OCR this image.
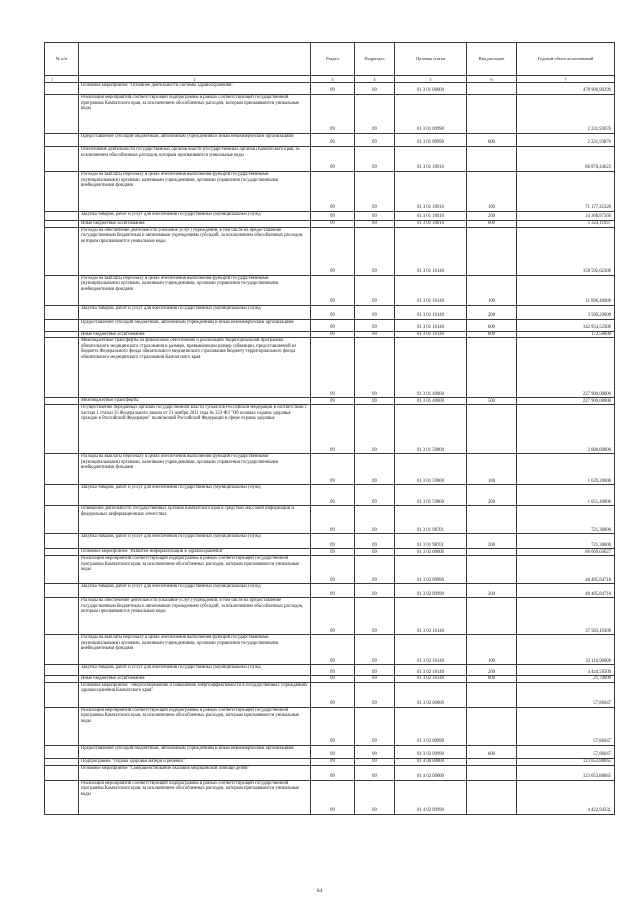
№ п/п		Раздел	Подраздел	Целевая статья	Вид расходов	Годовой объем ассигнований
1	2	3	4	5	6	7
	Основное мероприятие "Основное деятельности системы здравоохранения"	09	09	01 3 01 00000		478 906,90299
	Реализация мероприятий соответствующей подпрограммы в рамках соответствующей государственной программы Камчатского края, за исключением обособленных расходов, которым присваиваются уникальные коды	09	09	01 3 01 09990		2 231,93876
	Предоставление субсидий бюджетным, автономным учреждениям и иным некоммерческим организациям	09	09	01 3 01 09990	600	2 231,93876
	Обеспечение деятельности государственных органов власти (государственных органов) Камчатского края, за исключением обособленных расходов, которым присваиваются уникальные коды	09	09	01 3 01 10010		86 870,44623
	Расходы на выплаты персоналу в целях обеспечения выполнения функций государственными (муниципальными) органами, казенными учреждениями, органами управления государственными внебюджетными фондами	09	09	01 3 01 10010	100	71 177,45320
	Закупка товаров, работ и услуг для обеспечения государственных (муниципальных) нужд	09	09	01 3 01 10010	200	14 368,87366
	Иные бюджетные ассигнования	09	09	01 3 01 10010	800	1 324,11937
	Расходы на обеспечение деятельности (оказание услуг) учреждений, в том числе на предоставление государственным бюджетным и автономным учреждениям субсидий, за исключением обособленных расходов, которым присваиваются уникальные коды	09	09	01 3 01 10140		158 592,62300
	Расходы на выплаты персоналу в целях обеспечения выполнения функций государственными (муниципальными) органами, казенными учреждениями, органами управления государственными внебюджетными фондами	09	09	01 3 01 10140	100	11 896,40000
	Закупка товаров, работ и услуг для обеспечения государственных (муниципальных) нужд	09	09	01 3 01 10140	200	3 569,20000
	Предоставление субсидий бюджетным, автономным учреждениям и иным некоммерческим организациям	09	09	01 3 01 10140	600	142 954,52300
	Иные бюджетные ассигнования	09	09	01 3 01 10140	800	172,50000
	Межбюджетные трансферты на финансовое обеспечение и реализацию территориальной программы обязательного медицинского страхования в размере, превышающем размер субвенции, предоставляемой из бюджета Федерального фонда обязательного медицинского страхования бюджету территориального фонда обязательного медицинского страхования Камчатского края	09	09	01 3 01 40600		227 900,00000
	Межбюджетные трансферты	09	09	01 3 01 40600	500	227 900,00000
	Осуществление переданных органам государственной власти субъектов Российской Федерации в соответствии с частью 1 статьи 15 Федерального закона от 21 ноября 2011 года № 323-ФЗ "Об основах охраны здоровья граждан в Российской Федерации" полномочий Российской Федерации в сфере охраны здоровья	09	09	01 3 01 59800		2 680,60000
	Расходы на выплаты персоналу в целях обеспечения выполнения функций государственными (муниципальными) органами, казенными учреждениями, органами управления государственными внебюджетными фондами	09	09	01 3 01 59800	100	1 629,20000
	Закупка товаров, работ и услуг для обеспечения государственных (муниципальных) нужд	09	09	01 3 01 59800	200	1 051,40000
	Освещение деятельности государственных органов Камчатского края в средствах массовой информации и федеральных информационных агентствах	09	09	01 3 01 98701		721,30000
	Закупка товаров, работ и услуг для обеспечения государственных (муниципальных) нужд	09	09	01 3 01 98701	200	721,30000
	Основное мероприятие "Развитие информатизации в здравоохранении"	09	09	01 3 02 00000		86 069,04027
	Реализация мероприятий соответствующей подпрограммы в рамках соответствующей государственной программы Камчатского края, за исключением обособленных расходов, которым присваиваются уникальные коды	09	09	01 3 02 09990		48 485,84718
	Закупка товаров, работ и услуг для обеспечения государственных (муниципальных) нужд	09	09	01 3 02 09990	200	48 485,84718
	Расходы на обеспечение деятельности (оказание услуг) учреждений, в том числе на предоставление государственным бюджетным и автономным учреждениям субсидий, за исключением обособленных расходов, которым присваиваются уникальные коды	09	09	01 3 02 10140		37 583,19309
	Расходы на выплаты персоналу в целях обеспечения выполнения функций государственными (муниципальными) органами, казенными учреждениями, органами управления государственными внебюджетными фондами	09	09	01 3 02 10140	100	33 116,90000
	Закупка товаров, работ и услуг для обеспечения государственных (муниципальных) нужд	09	09	01 3 02 10140	200	4 444,59309
	Иные бюджетные ассигнования	09	09	01 3 02 10140	800	21,70000
	Основное мероприятие "Энергосбережение и повышение энергоэффективности в государственных учреждениях здравоохранения Камчатского края"	09	09	01 3 03 00000		57,86047
	Реализация мероприятий соответствующей подпрограммы в рамках соответствующей государственной программы Камчатского края, за исключением обособленных расходов, которым присваиваются уникальные коды	09	09	01 3 03 09990		57,86047
	Предоставление субсидий бюджетным, автономным учреждениям и иным некоммерческим организациям	09	09	01 3 03 09990	600	57,86047
	Подпрограмма "Охрана здоровья матери и ребенка"	09	09	01 4 00 00000		123 653,88065
	Основное мероприятие "Совершенствование оказания медицинской помощи детям"	09	09	01 4 02 00000		123 653,88065
	Реализация мероприятий соответствующей подпрограммы в рамках соответствующей государственной программы Камчатского края, за исключением обособленных расходов, которым присваиваются уникальные коды	09	09	01 4 02 09990		4 422,94331
64
